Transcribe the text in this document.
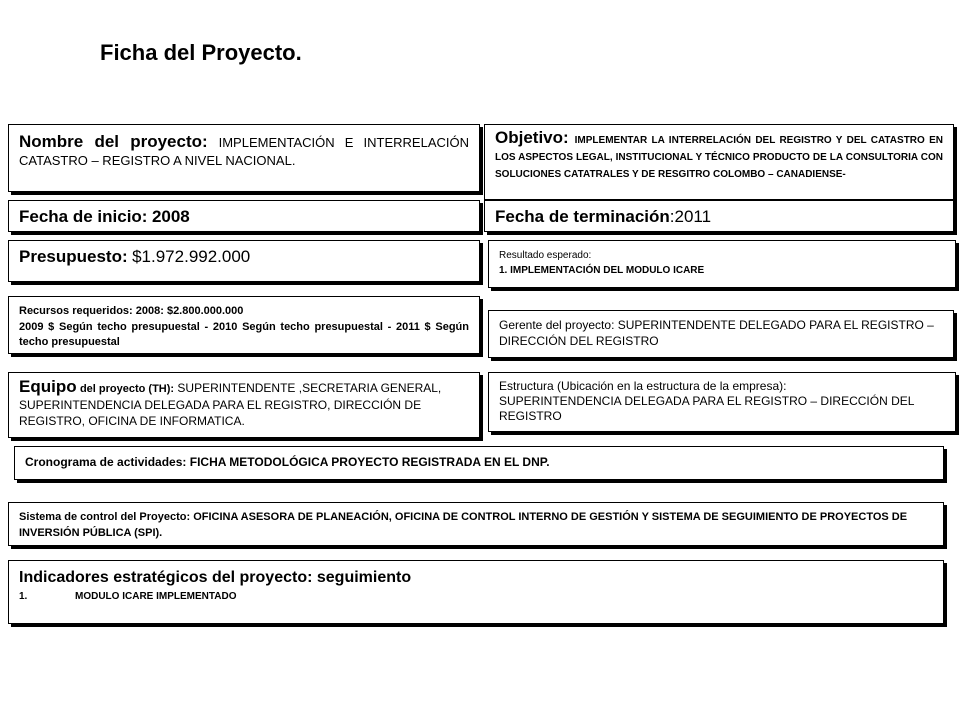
Ficha del Proyecto.

Nombre del proyecto: IMPLEMENTACIÓN E INTERRELACIÓN CATASTRO – REGISTRO A NIVEL NACIONAL.

Objetivo: IMPLEMENTAR LA INTERRELACIÓN DEL REGISTRO Y DEL CATASTRO EN LOS ASPECTOS LEGAL, INSTITUCIONAL Y TÉCNICO PRODUCTO DE LA CONSULTORIA CON SOLUCIONES CATATRALES Y DE RESGITRO COLOMBO – CANADIENSE-

Fecha de inicio: 2008	Fecha de terminación:2011
Presupuesto: $1.972.992.000	Resultado esperado:

1. IMPLEMENTACIÓN DEL MODULO ICARE

Recursos requeridos: 2008: $2.800.000.000

2009 $ Según techo presupuestal - 2010 Según techo presupuestal - 2011 $ Según techo presupuestal

Gerente del proyecto: SUPERINTENDENTE DELEGADO PARA EL REGISTRO – DIRECCIÓN DEL REGISTRO

Equipo del proyecto (TH): SUPERINTENDENTE ,SECRETARIA GENERAL, SUPERINTENDENCIA DELEGADA PARA EL REGISTRO, DIRECCIÓN DE REGISTRO, OFICINA DE INFORMATICA.

Estructura (Ubicación en la estructura de la empresa):

SUPERINTENDENCIA DELEGADA PARA EL REGISTRO – DIRECCIÓN DEL REGISTRO

Cronograma de actividades: FICHA METODOLÓGICA PROYECTO REGISTRADA EN EL DNP.

Sistema de control del Proyecto: OFICINA ASESORA DE PLANEACIÓN, OFICINA DE CONTROL INTERNO DE GESTIÓN Y SISTEMA DE SEGUIMIENTO DE PROYECTOS DE INVERSIÓN PÚBLICA (SPI).

Indicadores estratégicos del proyecto: seguimiento

1.	MODULO ICARE IMPLEMENTADO
